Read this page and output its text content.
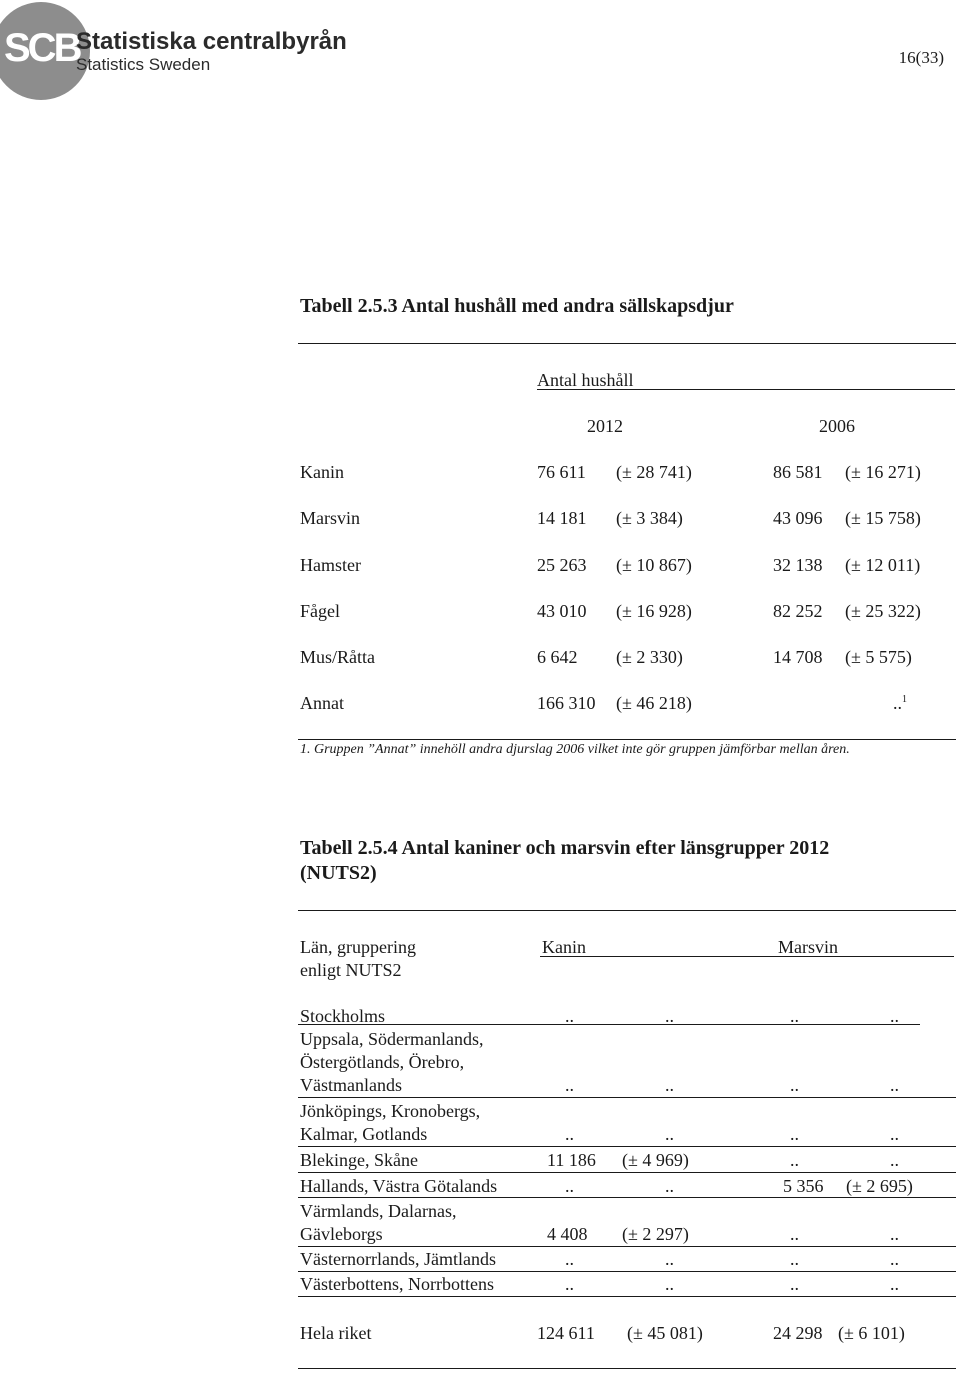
SCB
Statistiska centralbyrån
Statistics Sweden	16(33)
Tabell 2.5.3 Antal hushåll med andra sällskapsdjur
Antal hushåll
2012	2006
Kanin	76 611 (± 28 741)	86 581 (± 16 271)
Marsvin	14 181 (± 3 384)	43 096 (± 15 758)
Hamster	25 263 (± 10 867)	32 138 (± 12 011)
Fågel	43 010 (± 16 928)	82 252 (± 25 322)
Mus/Råtta	6 642 (± 2 330)	14 708 (± 5 575)
Annat	166 310 (± 46 218)	..$^1$
1. Gruppen ”Annat” innehöll andra djurslag 2006 vilket inte gör gruppen jämförbar mellan åren.
Tabell 2.5.4 Antal kaniner och marsvin efter länsgrupper 2012
(NUTS2)
Län, gruppering
enligt NUTS2
Kanin	Marsvin
Stockholms	..	..	..	..
Uppsala, Södermanlands,
Östergötlands, Örebro,
Västmanlands	..	..	..	..
Jönköpings, Kronobergs,
Kalmar, Gotlands	..	..	..	..
Blekinge, Skåne	11 186 (± 4 969)	..	..
Hallands, Västra Götalands	..	..	5 356 (± 2 695)
Värmlands, Dalarnas,
Gävleborgs	4 408 (± 2 297)	..	..
Västernorrlands, Jämtlands	..	..	..	..
Västerbottens, Norrbottens	..	..	..	..
Hela riket	124 611 (± 45 081)	24 298 (± 6 101)
